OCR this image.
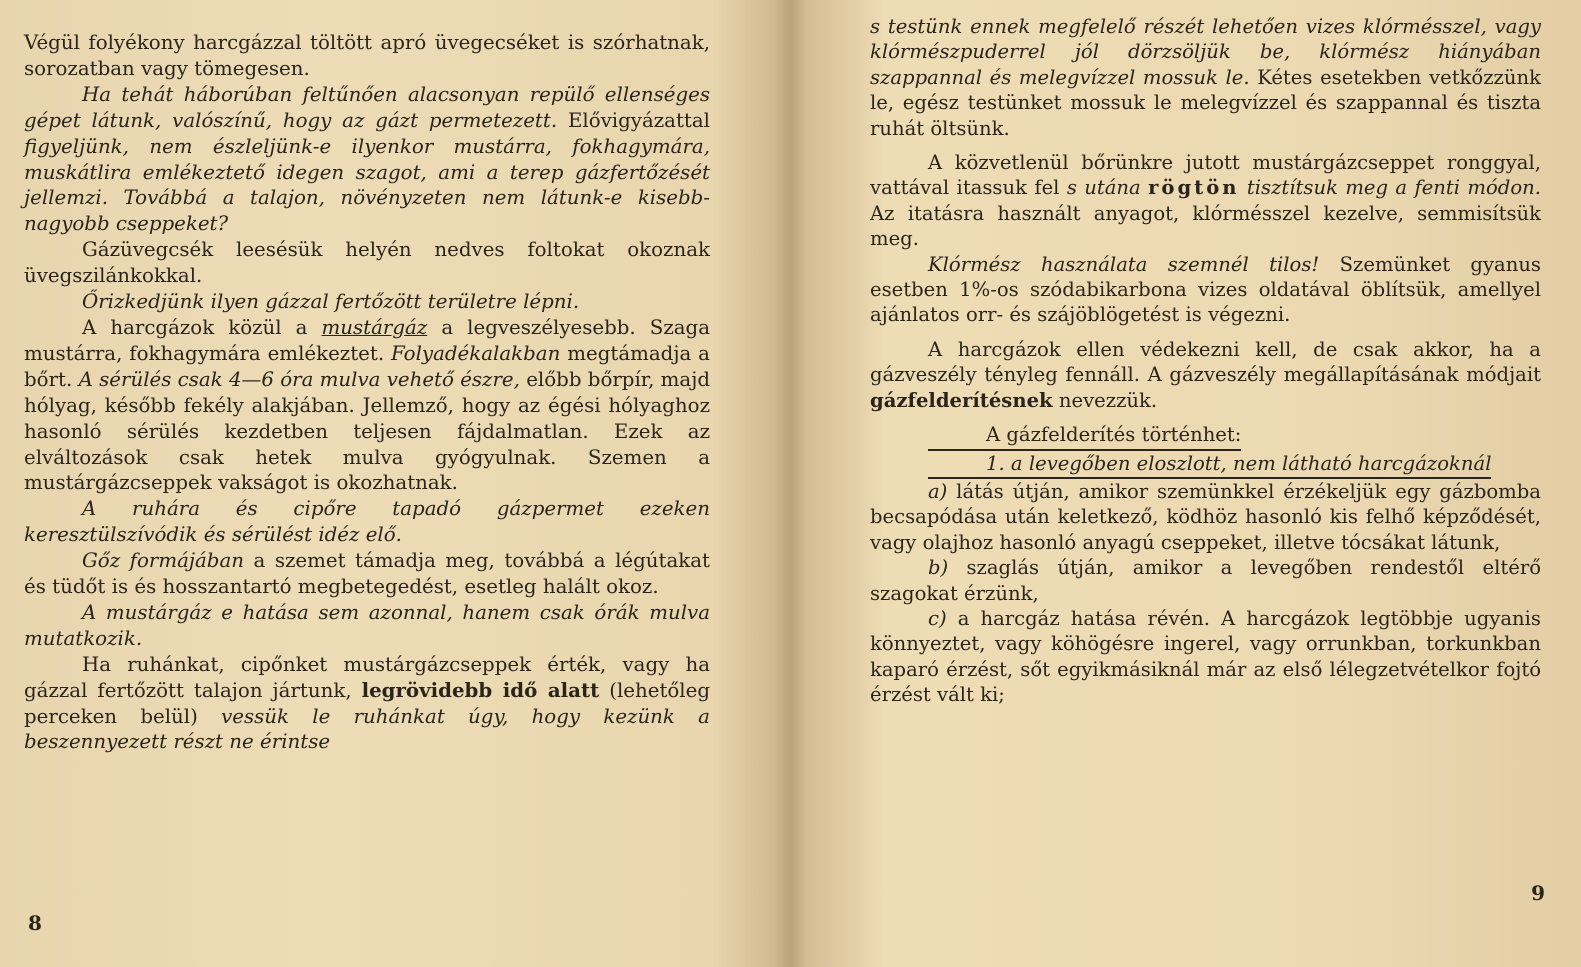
Végül folyékony harcgázzal töltött apró üvegecséket is szórhatnak, sorozatban vagy tömegesen.

Ha tehát háborúban feltűnően alacsonyan repülő ellenséges gépet látunk, valószínű, hogy az gázt permetezett. Elővigyázattal figyeljünk, nem észleljünk-e ilyenkor mustárra, fokhagymára, muskátlira emlékeztető idegen szagot, ami a terep gázfertőzését jellemzi. Továbbá a talajon, növényzeten nem látunk-e kisebb-nagyobb cseppeket?

Gázüvegcsék leesésük helyén nedves foltokat okoznak üvegszilánkokkal.

Őrizkedjünk ilyen gázzal fertőzött területre lépni.

A harcgázok közül a mustárgáz a legveszélyesebb. Szaga mustárra, fokhagymára emlékeztet. Folyadékalakban megtámadja a bőrt. A sérülés csak 4—6 óra mulva vehető észre, előbb bőrpír, majd hólyag, később fekély alakjában. Jellemző, hogy az égési hólyaghoz hasonló sérülés kezdetben teljesen fájdalmatlan. Ezek az elváltozások csak hetek mulva gyógyulnak. Szemen a mustárgázcseppek vakságot is okozhatnak.

A ruhára és cipőre tapadó gázpermet ezeken keresztülszívódik és sérülést idéz elő.

Gőz formájában a szemet támadja meg, továbbá a légútakat és tüdőt is és hosszantartó megbetegedést, esetleg halált okoz.

A mustárgáz e hatása sem azonnal, hanem csak órák mulva mutatkozik.

Ha ruhánkat, cipőnket mustárgázcseppek érték, vagy ha gázzal fertőzött talajon jártunk, legrövidebb idő alatt (lehetőleg perceken belül) vessük le ruhánkat úgy, hogy kezünk a beszennyezett részt ne érintse

8

s testünk ennek megfelelő részét lehetően vizes klórmésszel, vagy klórmészpuderrel jól dörzsöljük be, klórmész hiányában szappannal és melegvízzel mossuk le. Kétes esetekben vetkőzzünk le, egész testünket mossuk le melegvízzel és szappannal és tiszta ruhát öltsünk.

A közvetlenül bőrünkre jutott mustárgázcseppet ronggyal, vattával itassuk fel s utána rögtön tisztítsuk meg a fenti módon. Az itatásra használt anyagot, klórmésszel kezelve, semmisítsük meg.

Klórmész használata szemnél tilos! Szemünket gyanus esetben 1%-os szódabikarbona vizes oldatával öblítsük, amellyel ajánlatos orr- és szájöblögetést is végezni.

A harcgázok ellen védekezni kell, de csak akkor, ha a gázveszély tényleg fennáll. A gázveszély megállapításának módjait gázfelderítésnek nevezzük.

A gázfelderítés történhet:

1. a levegőben eloszlott, nem látható harcgázoknál

a) látás útján, amikor szemünkkel érzékeljük egy gázbomba becsapódása után keletkező, ködhöz hasonló kis felhő képződését, vagy olajhoz hasonló anyagú cseppeket, illetve tócsákat látunk,

b) szaglás útján, amikor a levegőben rendestől eltérő szagokat érzünk,

c) a harcgáz hatása révén. A harcgázok legtöbbje ugyanis könnyeztet, vagy köhögésre ingerel, vagy orrunkban, torkunkban kaparó érzést, sőt egyikmásiknál már az első lélegzetvételkor fojtó érzést vált ki;

9
